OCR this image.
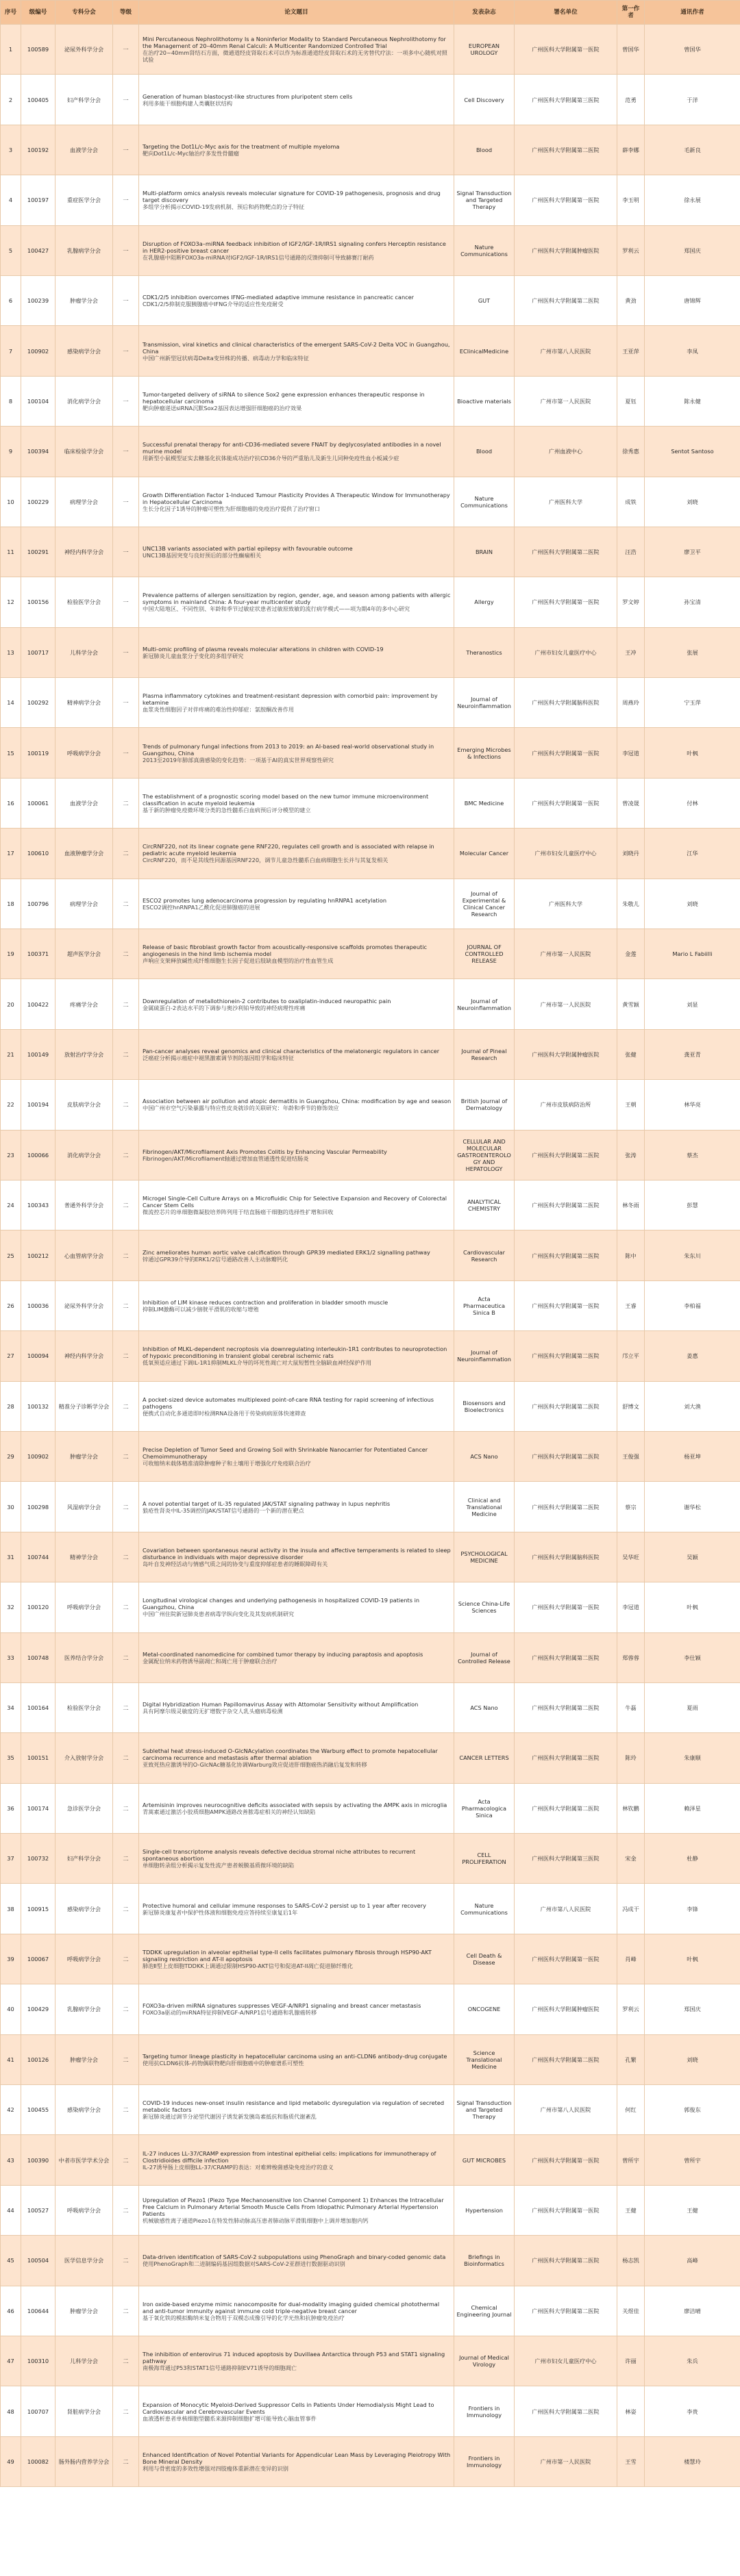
序号	级编号	专科分会	等级	论文题目	发表杂志	署名单位	第一作者	通讯作者
1	100589	泌尿外科学分会	一	Mini Percutaneous Nephrolithotomy Is a Noninferior Modality to Standard Percutaneous Nephrolithotomy for the Management of 20–40mm Renal Calculi: A Multicenter Randomized Controlled Trial
在治疗20~40mm肾结石方面，微通道经皮肾取石术可以作为标准通道经皮肾取石术的无劣替代疗法：一项多中心随机对照试验	EUROPEAN UROLOGY	广州医科大学附属第一医院	曾国华	曾国华
2	100405	妇产科学分会	一	Generation of human blastocyst-like structures from pluripotent stem cells
利用多能干细胞构建人类囊胚状结构	Cell Discovery	广州医科大学附属第三医院	范勇	于洋
3	100192	血液学分会	一	Targeting the Dot1L/c-Myc axis for the treatment of multiple myeloma
靶向Dot1L/c-Myc轴治疗多发性骨髓瘤	Blood	广州医科大学附属第二医院	薛李娜	毛新良
4	100197	重症医学分会	一	Multi-platform omics analysis reveals molecular signature for COVID-19 pathogenesis, prognosis and drug target discovery
多组学分析揭示COVID-19发病机制、预后和药物靶点的分子特征	Signal Transduction and Targeted Therapy	广州医科大学附属第一医院	李玉明	徐永展
5	100427	乳腺病学分会	一	Disruption of FOXO3a–miRNA feedback inhibition of IGF2/IGF-1R/IRS1 signaling confers Herceptin resistance in HER2-positive breast cancer
在乳腺癌中阻断FOXO3a-miRNA对IGF2/IGF-1R/IRS1信号通路的反馈抑制可导致赫赛汀耐药	Nature Communications	广州医科大学附属肿瘤医院	罗利云	郑国庆
6	100239	肿瘤学分会	一	CDK1/2/5 inhibition overcomes IFNG-mediated adaptive immune resistance in pancreatic cancer
CDK1/2/5抑制克服胰腺癌中IFNG介导的适应性免疫耐受	GUT	广州医科大学附属第二医院	黄劲	唐锦辉
7	100902	感染病学分会	一	Transmission, viral kinetics and clinical characteristics of the emergent SARS-CoV-2 Delta VOC in Guangzhou, China
中国广州新型冠状病毒Delta变异株的传播、病毒动力学和临床特征	EClinicalMedicine	广州市第八人民医院	王亚萍	李凤
8	100104	消化病学分会	一	Tumor-targeted delivery of siRNA to silence Sox2 gene expression enhances therapeutic response in hepatocellular carcinoma
靶向肿瘤递送siRNA沉默Sox2基因表达增强肝细胞癌的治疗效果	Bioactive materials	广州市第一人民医院	夏钰	陈永健
9	100394	临床检验学分会	一	Successful prenatal therapy for anti-CD36-mediated severe FNAIT by deglycosylated antibodies in a novel murine model
用新型小鼠模型证实去糖基化抗体能成功治疗抗CD36介导的严重胎儿及新生儿同种免疫性血小板减少症	Blood	广州血液中心	徐秀惠	Sentot Santoso
10	100229	病理学分会	一	Growth Differentiation Factor 1-Induced Tumour Plasticity Provides A Therapeutic Window for Immunotherapy in Hepatocellular Carcinoma
生长分化因子1诱导的肿瘤可塑性为肝细胞癌的免疫治疗提供了治疗窗口	Nature Communications	广州医科大学	成铁	刘晓
11	100291	神经内科学分会	一	UNC13B variants associated with partial epilepsy with favourable outcome
UNC13B基因突变与良好预后的部分性癫痫相关	BRAIN	广州医科大学附属第二医院	汪浩	廖卫平
12	100156	检验医学分会	一	Prevalence patterns of allergen sensitization by region, gender, age, and season among patients with allergic symptoms in mainland China: A four-year multicenter study
中国大陆地区、不同性别、年龄和季节过敏症状患者过敏原致敏的流行病学模式——项为期4年的多中心研究	Allergy	广州医科大学附属第一医院	罗文婷	孙宝清
13	100717	儿科学分会	一	Multi-omic profiling of plasma reveals molecular alterations in children with COVID-19
新冠肺炎儿童血浆分子变化的多组学研究	Theranostics	广州市妇女儿童医疗中心	王冲	张展
14	100292	精神病学分会	一	Plasma inflammatory cytokines and treatment-resistant depression with comorbid pain: improvement by ketamine
血浆炎性细胞因子对伴疼痛的难治性抑郁症：氯胺酮改善作用	Journal of Neuroinflammation	广州医科大学附属脑科医院	周燕玲	宁玉萍
15	100119	呼吸病学分会	一	Trends of pulmonary fungal infections from 2013 to 2019: an AI-based real-world observational study in Guangzhou, China
2013至2019年肺部真菌感染的变化趋势：一项基于AI的真实世界观察性研究	Emerging Microbes & Infections	广州医科大学附属第一医院	李冠道	叶枫
16	100061	血液学分会	二	The establishment of a prognostic scoring model based on the new tumor immune microenvironment classification in acute myeloid leukemia
基于新的肿瘤免疫微环境分类的急性髓系白血病预后评分模型的建立	BMC Medicine	广州医科大学附属第一医院	曾凌晟	付林
17	100610	血液肿瘤学分会	二	CircRNF220, not its linear cognate gene RNF220, regulates cell growth and is associated with relapse in pediatric acute myeloid leukemia
CircRNF220，而不是其线性同源基因RNF220，调节儿童急性髓系白血病细胞生长并与其复发相关	Molecular Cancer	广州市妇女儿童医疗中心	刘晓丹	江华
18	100796	病理学分会	二	ESCO2 promotes lung adenocarcinoma progression by regulating hnRNPA1 acetylation
ESCO2调控hnRNPA1乙酰化促进肺腺癌的进展	Journal of Experimental & Clinical Cancer Research	广州医科大学	朱敬儿	刘晓
19	100371	超声医学分会	二	Release of basic fibroblast growth factor from acoustically-responsive scaffolds promotes therapeutic angiogenesis in the hind limb ischemia model
声响应支架释放碱性成纤维细胞生长因子促进后肢缺血模型的治疗性血管生成	JOURNAL OF CONTROLLED RELEASE	广州市第一人民医院	金莲	Mario L Fabiilli
20	100422	疼痛学分会	二	Downregulation of metallothionein-2 contributes to oxaliplatin-induced neuropathic pain
金属硫蛋白-2表达水平的下调参与奥沙利铂导致的神经病理性疼痛	Journal of Neuroinflammation	广州市第一人民医院	黄雪颖	刘显
21	100149	放射治疗学分会	二	Pan-cancer analyses reveal genomics and clinical characteristics of the melatonergic regulators in cancer
泛癌症分析揭示癌症中褪黑激素调节剂的基因组学和临床特征	Journal of Pineal Research	广州医科大学附属肿瘤医院	张健	龚亚青
22	100194	皮肤病学分会	二	Association between air pollution and atopic dermatitis in Guangzhou, China: modification by age and season
中国广州市空气污染暴露与特应性皮炎就诊的关联研究：年龄和季节的修饰效应	British Journal of Dermatology	广州市皮肤病防治所	王朝	林华亮
23	100066	消化病学分会	二	Fibrinogen/AKT/Microfilament Axis Promotes Colitis by Enhancing Vascular Permeability
Fibrinogen/AKT/Microfilament轴通过增加血管通透性促进结肠炎	CELLULAR AND MOLECULAR GASTROENTEROLOGY AND HEPATOLOGY	广州医科大学附属第二医院	张涛	蔡杰
24	100343	普通外科学分会	二	Microgel Single-Cell Culture Arrays on a Microfluidic Chip for Selective Expansion and Recovery of Colorectal Cancer Stem Cells
微流控芯片的单细胞微凝胶培养阵列用于结直肠癌干细胞的选择性扩增和回收	ANALYTICAL CHEMISTRY	广州医科大学附属第二医院	林冬雨	彭慧
25	100212	心血管病学分会	二	Zinc ameliorates human aortic valve calcification through GPR39 mediated ERK1/2 signalling pathway
锌通过GPR39介导的ERK1/2信号通路改善人主动脉瓣钙化	Cardiovascular Research	广州医科大学附属第二医院	陈中	朱东川
26	100036	泌尿外科学分会	二	Inhibition of LIM kinase reduces contraction and proliferation in bladder smooth muscle
抑制LIM激酶可以减少膀胱平滑肌的收缩与增殖	Acta Pharmaceutica Sinica B	广州医科大学附属第一医院	王睿	李柏福
27	100094	神经内科学分会	二	Inhibition of MLKL-dependent necroptosis via downregulating interleukin-1R1 contributes to neuroprotection of hypoxic preconditioning in transient global cerebral ischemic rats
低氧预适应通过下调IL-1R1抑制MLKL介导的坏死性凋亡对大鼠短暂性全脑缺血神经保护作用	Journal of Neuroinflammation	广州医科大学附属第二医院	邝立平	姜惠
28	100132	精准分子诊断学分会	二	A pocket-sized device automates multiplexed point-of-care RNA testing for rapid screening of infectious pathogens
便携式自动化多通道即时检测RNA设备用于传染病病原体快速筛查	Biosensors and Bioelectronics	广州医科大学附属第二医院	舒博文	刘大渔
29	100902	肿瘤学分会	二	Precise Depletion of Tumor Seed and Growing Soil with Shrinkable Nanocarrier for Potentiated Cancer Chemoimmunotherapy
可收缩纳米载体精准清除肿瘤种子和土壤用于增强化疗免疫联合治疗	ACS Nano	广州医科大学附属第二医院	王俊强	杨亚坤
30	100298	风湿病学分会	二	A novel potential target of IL-35 regulated JAK/STAT signaling pathway in lupus nephritis
狼疮性肾炎中IL-35调控的JAK/STAT信号通路的一个新的潜在靶点	Clinical and Translational Medicine	广州医科大学附属第二医院	蔡宗	谢华松
31	100744	精神学分会	二	Covariation between spontaneous neural activity in the insula and affective temperaments is related to sleep disturbance in individuals with major depressive disorder
岛叶自发神经活动与情感气质之间的协变与重度抑郁症患者的睡眠障碍有关	PSYCHOLOGICAL MEDICINE	广州医科大学附属脑科医院	吴华旺	吴颖
32	100120	呼吸病学分会	二	Longitudinal virological changes and underlying pathogenesis in hospitalized COVID-19 patients in Guangzhou, China
中国广州住院新冠肺炎患者病毒学纵向变化及其发病机制研究	Science China-Life Sciences	广州医科大学附属第一医院	李冠道	叶枫
33	100748	医养结合学分会	二	Metal-coordinated nanomedicine for combined tumor therapy by inducing paraptosis and apoptosis
金属配位纳米药物诱导副凋亡和凋亡用于肿瘤联合治疗	Journal of Controlled Release	广州医科大学附属第二医院	郑蓉蓉	李仕颖
34	100164	检验医学分会	二	Digital Hybridization Human Papillomavirus Assay with Attomolar Sensitivity without Amplification
具有阿摩尔级灵敏度的无扩增数字杂交人乳头瘤病毒检测	ACS Nano	广州医科大学附属第二医院	牛磊	夏雨
35	100151	介入放射学分会	二	Sublethal heat stress-induced O-GlcNAcylation coordinates the Warburg effect to promote hepatocellular carcinoma recurrence and metastasis after thermal ablation
亚致死热应激诱导的O-GlcNAc糖基化协调Warburg效应促进肝细胞癌热消融后复发和转移	CANCER LETTERS	广州医科大学附属第二医院	陈玲	朱康顺
36	100174	急诊医学分会	二	Artemisinin improves neurocognitive deficits associated with sepsis by activating the AMPK axis in microglia
青蒿素通过激活小胶质细胞AMPK通路改善脓毒症相关的神经认知缺陷	Acta Pharmacologica Sinica	广州医科大学附属第二医院	林钦鹏	赖泽星
37	100732	妇产科学分会	二	Single-cell transcriptome analysis reveals defective decidua stromal niche attributes to recurrent spontaneous abortion
单细胞转录组分析揭示复发性流产患者蜕膜基质微环境的缺陷	CELL PROLIFERATION	广州医科大学附属第三医院	宋金	杜静
38	100915	感染病学分会	二	Protective humoral and cellular immune responses to SARS-CoV-2 persist up to 1 year after recovery
新冠肺炎康复者中保护性体液和细胞免疫应答持续至康复后1年	Nature Communications	广州市第八人民医院	冯成干	李锋
39	100067	呼吸病学分会	二	TDDKK upregulation in alveolar epithelial type-II cells facilitates pulmonary fibrosis through HSP90-AKT signaling restriction and AT-II apoptosis
肺泡Ⅱ型上皮细胞TDDKK上调通过限制HSP90-AKT信号和促进AT-II凋亡促进肺纤维化	Cell Death & Disease	广州医科大学附属第一医院	肖峰	叶枫
40	100429	乳腺病学分会	二	FOXO3a-driven miRNA signatures suppresses VEGF-A/NRP1 signaling and breast cancer metastasis
FOXO3a驱动的miRNA特征抑制VEGF-A/NRP1信号通路和乳腺癌转移	ONCOGENE	广州医科大学附属肿瘤医院	罗利云	郑国庆
41	100126	肿瘤学分会	二	Targeting tumor lineage plasticity in hepatocellular carcinoma using an anti-CLDN6 antibody-drug conjugate
使用抗CLDN6抗体-药物偶联物靶向肝细胞癌中的肿瘤谱系可塑性	Science Translational Medicine	广州医科大学附属第二医院	孔繁	刘晓
42	100455	感染病学分会	二	COVID-19 induces new-onset insulin resistance and lipid metabolic dysregulation via regulation of secreted metabolic factors
新冠肺炎通过调节分泌型代谢因子诱发新发胰岛素抵抗和脂质代谢紊乱	Signal Transduction and Targeted Therapy	广州市第八人民医院	何红	郭俊东
43	100390	中者市医学学术分会	二	IL-27 induces LL-37/CRAMP expression from intestinal epithelial cells: implications for immunotherapy of Clostridioides difficile infection
IL-27诱导肠上皮细胞LL-37/CRAMP的表达：对难辨梭菌感染免疫治疗的意义	GUT MICROBES	广州医科大学附属第一医院	曾所宇	曾所宇
44	100527	呼吸病学分会	二	Upregulation of Piezo1 (Piezo Type Mechanosensitive Ion Channel Component 1) Enhances the Intracellular Free Calcium in Pulmonary Arterial Smooth Muscle Cells From Idiopathic Pulmonary Arterial Hypertension Patients
机械敏感性离子通道Piezo1在特发性肺动脉高压患者肺动脉平滑肌细胞中上调并增加胞内钙	Hypertension	广州医科大学附属第一医院	王健	王健
45	100504	医学信息学分会	二	Data-driven identification of SARS-CoV-2 subpopulations using PhenoGraph and binary-coded genomic data
使用PhenoGraph和二进制编码基因组数据对SARS-CoV-2亚群进行数据驱动识别	Briefings in Bioinformatics	广州医科大学附属第二医院	杨志凯	高峰
46	100644	肿瘤学分会	二	Iron oxide-based enzyme mimic nanocomposite for dual-modality imaging guided chemical photothermal and anti-tumor immunity against immune cold triple-negative breast cancer
基于氧化铁的模拟酶纳米复合物用于双模态成像引导的化学光热和抗肿瘤免疫治疗	Chemical Engineering Journal	广州医科大学附属第二医院	关煜佳	廖洁晴
47	100310	儿科学分会	二	The inhibition of enterovirus 71 induced apoptosis by Duvillaea Antarctica through P53 and STAT1 signaling pathway
南极海茸通过P53和STAT1信号通路抑制EV71诱导的细胞凋亡	Journal of Medical Virology	广州市妇女儿童医疗中心	许丽	朱兵
48	100707	肾脏病学分会	二	Expansion of Monocytic Myeloid-Derived Suppressor Cells in Patients Under Hemodialysis Might Lead to Cardiovascular and Cerebrovascular Events
血液透析患者单核细胞型髓系来源抑制细胞扩增可能导致心脑血管事件	Frontiers in Immunology	广州医科大学附属第二医院	林姿	李贵
49	100082	肠外肠内营养学分会	二	Enhanced Identification of Novel Potential Variants for Appendicular Lean Mass by Leveraging Pleiotropy With Bone Mineral Density
利用与骨密度的多效性增强对四肢瘦体重新潜在变异的识别	Frontiers in Immunology	广州市第一人民医院	王雪	楼慧玲
